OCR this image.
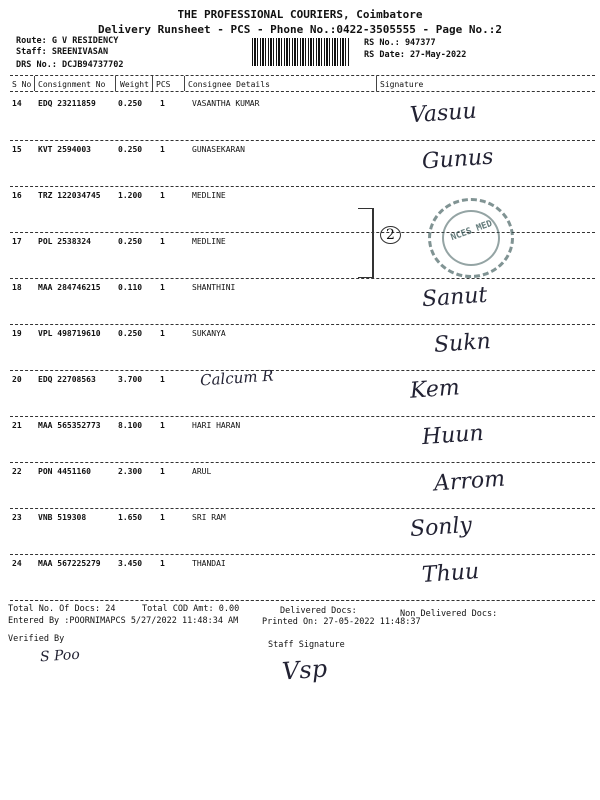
THE PROFESSIONAL COURIERS, Coimbatore
Delivery Runsheet - PCS - Phone No.:0422-3505555 - Page No.:2
Route: G V RESIDENCY
Staff: SREENIVASAN
DRS No.: DCJB94737702
RS No.: 947377
RS Date: 27-May-2022
S No Consignment No Weight PCS Consignee Details	Signature
14 EDQ 23211859	0.250 1	VASANTHA KUMAR	Vasuu
15 KVT 2594003	0.250 1	GUNASEKARAN	Gunus
16 TRZ 122034745 1.200 1	MEDLINE
17 POL 2538324	0.250 1	MEDLINE
18 MAA 284746215 0.110 1	SHANTHINI	Sanut
19 VPL 498719610 0.250 1	SUKANYA	Sukn
20 EDQ 22708563	3.700 1 Calcum R	Kem
21 MAA 565352773 8.100 1	HARI HARAN	Huun
22 PON 4451160	2.300 1	ARUL	Arrom
23 VNB 519308	1.650 1	SRI RAM	Sonly
24 MAA 567225279 3.450 1	THANDAI	Thuu
2	NCES MED
Total No. Of Docs: 24	Total COD Amt: 0.00	Delivered Docs:	Non Delivered Docs:
Entered By :POORNIMAPCS 5/27/2022 11:48:34 AM	Printed On: 27-05-2022 11:48:37
Verified By
S Poo
Staff Signature
Vsp
